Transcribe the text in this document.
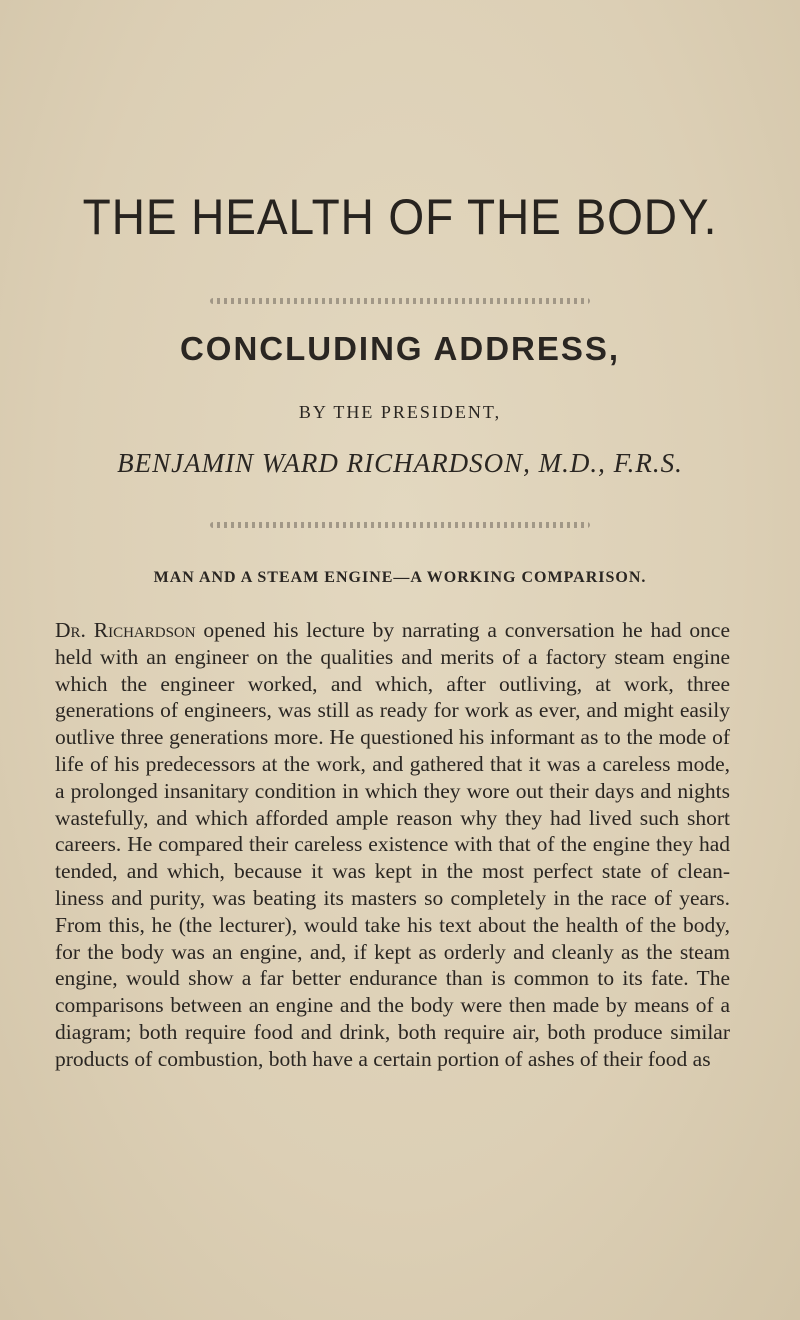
THE HEALTH OF THE BODY.
CONCLUDING ADDRESS,

BY THE PRESIDENT,

BENJAMIN WARD RICHARDSON, M.D., F.R.S.

MAN AND A STEAM ENGINE—A WORKING COMPARISON.

Dr. Richardson opened his lecture by narrating a conversation he had once held with an engineer on the qualities and merits of a factory steam engine which the engineer worked, and which, after outliving, at work, three generations of engineers, was still as ready for work as ever, and might easily outlive three generations more. He questioned his informant as to the mode of life of his predecessors at the work, and gathered that it was a careless mode, a prolonged insanitary condition in which they wore out their days and nights wastefully, and which afforded ample reason why they had lived such short careers. He compared their careless existence with that of the engine they had tended, and which, because it was kept in the most perfect state of clean-liness and purity, was beating its masters so completely in the race of years. From this, he (the lecturer), would take his text about the health of the body, for the body was an engine, and, if kept as orderly and cleanly as the steam engine, would show a far better endurance than is common to its fate. The comparisons between an engine and the body were then made by means of a diagram; both require food and drink, both require air, both produce similar products of combustion, both have a certain portion of ashes of their food as
